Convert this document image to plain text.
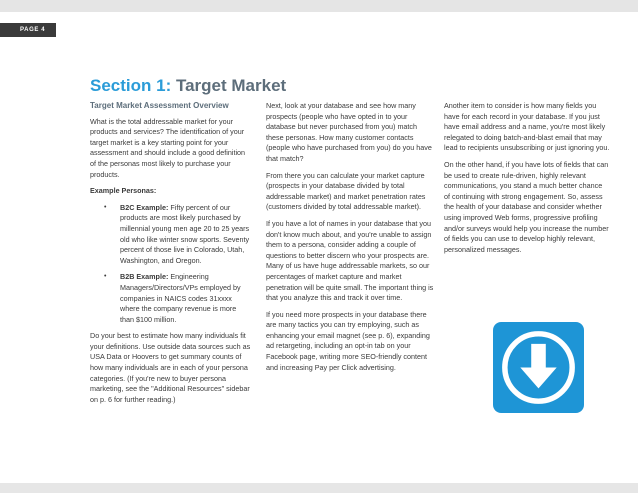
PAGE 4
Section 1: Target Market
Target Market Assessment Overview

What is the total addressable market for your products and services? The identification of your target market is a key starting point for your assessment and should include a good definition of the personas most likely to purchase your products.

Example Personas:

• B2C Example: Fifty percent of our products are most likely purchased by millennial young men age 20 to 25 years old who like winter snow sports. Seventy percent of those live in Colorado, Utah, Washington, and Oregon.
• B2B Example: Engineering Managers/Directors/VPs employed by companies in NAICS codes 31xxxx where the company revenue is more than $100 million.

Do your best to estimate how many individuals fit your definitions. Use outside data sources such as USA Data or Hoovers to get summary counts of how many individuals are in each of your persona categories. (If you're new to buyer persona marketing, see the "Additional Resources" sidebar on p. 6 for further reading.)

Next, look at your database and see how many prospects (people who have opted in to your database but never purchased from you) match these personas. How many customer contacts (people who have purchased from you) do you have that match?

From there you can calculate your market capture (prospects in your database divided by total addressable market) and market penetration rates (customers divided by total addressable market).

If you have a lot of names in your database that you don't know much about, and you're unable to assign them to a persona, consider adding a couple of questions to better discern who your prospects are. Many of us have huge addressable markets, so our percentages of market capture and market penetration will be quite small. The important thing is that you analyze this and track it over time.

If you need more prospects in your database there are many tactics you can try employing, such as enhancing your email magnet (see p. 6), expanding ad retargeting, including an opt-in tab on your Facebook page, writing more SEO-friendly content and increasing Pay per Click advertising.

Another item to consider is how many fields you have for each record in your database. If you just have email address and a name, you're most likely relegated to doing batch-and-blast email that may lead to recipients unsubscribing or just ignoring you.

On the other hand, if you have lots of fields that can be used to create rule-driven, highly relevant communications, you stand a much better chance of continuing with strong engagement. So, assess the health of your database and consider whether using improved Web forms, progressive profiling and/or surveys would help you increase the number of fields you can use to develop highly relevant, personalized messages.
